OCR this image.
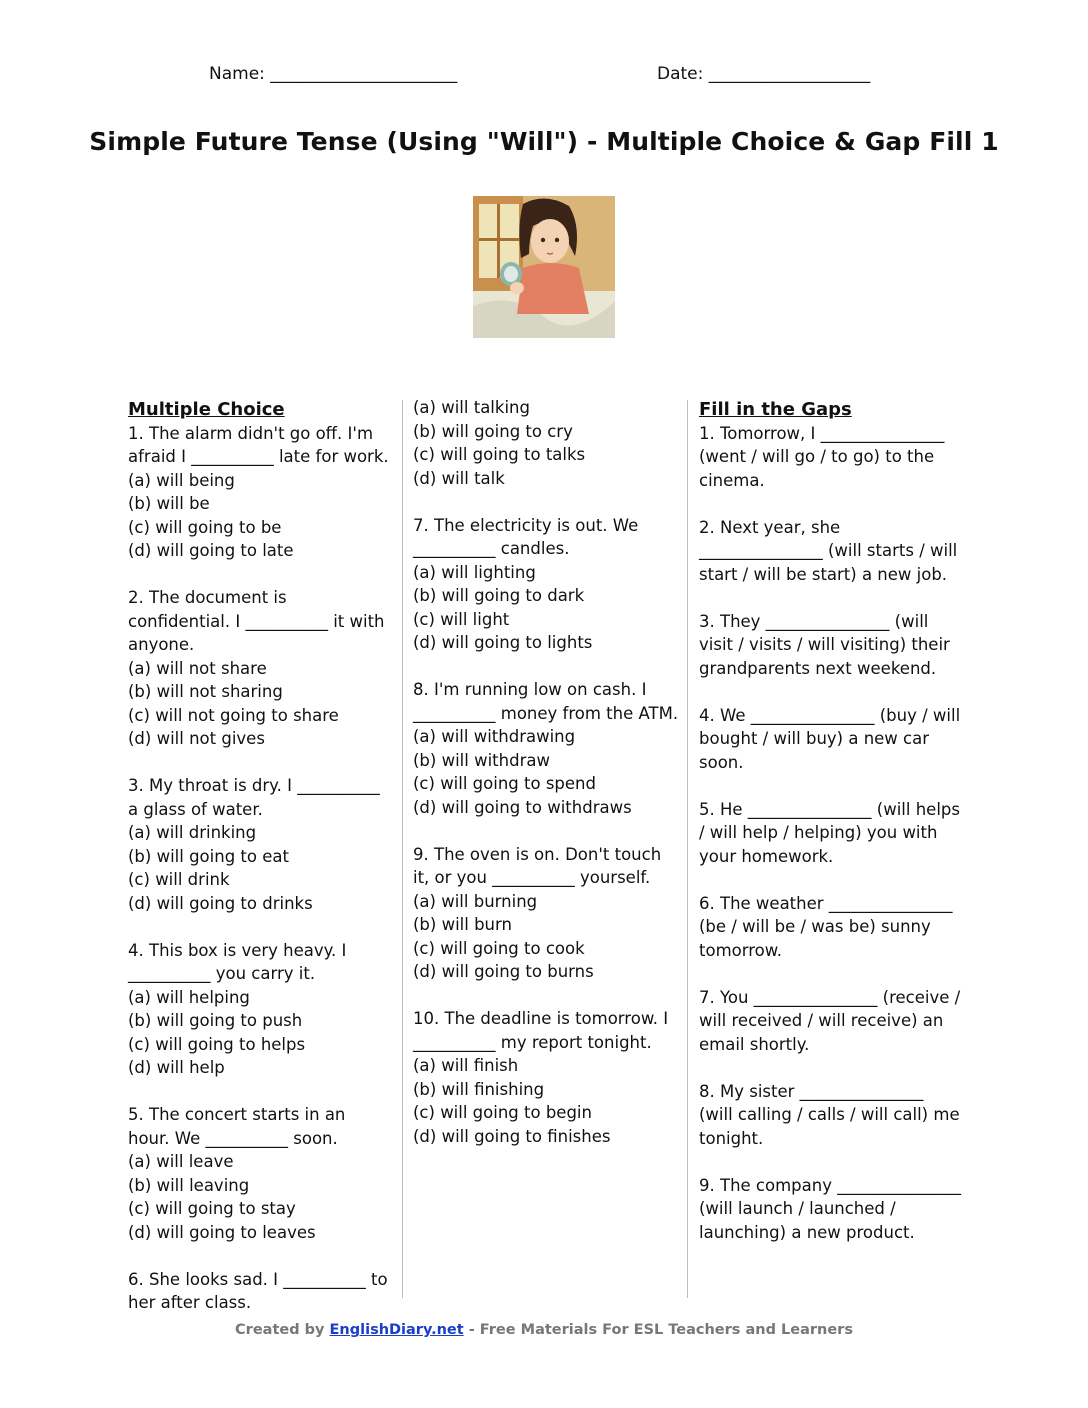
Name: ______________________	Date: ___________________
Simple Future Tense (Using "Will") - Multiple Choice & Gap Fill 1
Multiple Choice
1. The alarm didn't go off. I'm afraid I __________ late for work.
(a) will being
(b) will be
(c) will going to be
(d) will going to late
2. The document is confidential. I __________ it with anyone.
(a) will not share
(b) will not sharing
(c) will not going to share
(d) will not gives
3. My throat is dry. I __________ a glass of water.
(a) will drinking
(b) will going to eat
(c) will drink
(d) will going to drinks
4. This box is very heavy. I __________ you carry it.
(a) will helping
(b) will going to push
(c) will going to helps
(d) will help
5. The concert starts in an hour. We __________ soon.
(a) will leave
(b) will leaving
(c) will going to stay
(d) will going to leaves
6. She looks sad. I __________ to her after class.
(a) will talking
(b) will going to cry
(c) will going to talks
(d) will talk
7. The electricity is out. We __________ candles.
(a) will lighting
(b) will going to dark
(c) will light
(d) will going to lights
8. I'm running low on cash. I __________ money from the ATM.
(a) will withdrawing
(b) will withdraw
(c) will going to spend
(d) will going to withdraws
9. The oven is on. Don't touch it, or you __________ yourself.
(a) will burning
(b) will burn
(c) will going to cook
(d) will going to burns
10. The deadline is tomorrow. I __________ my report tonight.
(a) will finish
(b) will finishing
(c) will going to begin
(d) will going to finishes
Fill in the Gaps
1. Tomorrow, I _______________ (went / will go / to go) to the cinema.
2. Next year, she _______________ (will starts / will start / will be start) a new job.
3. They _______________ (will visit / visits / will visiting) their grandparents next weekend.
4. We _______________ (buy / will bought / will buy) a new car soon.
5. He _______________ (will helps / will help / helping) you with your homework.
6. The weather _______________ (be / will be / was be) sunny tomorrow.
7. You _______________ (receive / will received / will receive) an email shortly.
8. My sister _______________ (will calling / calls / will call) me tonight.
9. The company _______________ (will launch / launched / launching) a new product.
Created by EnglishDiary.net - Free Materials For ESL Teachers and Learners
